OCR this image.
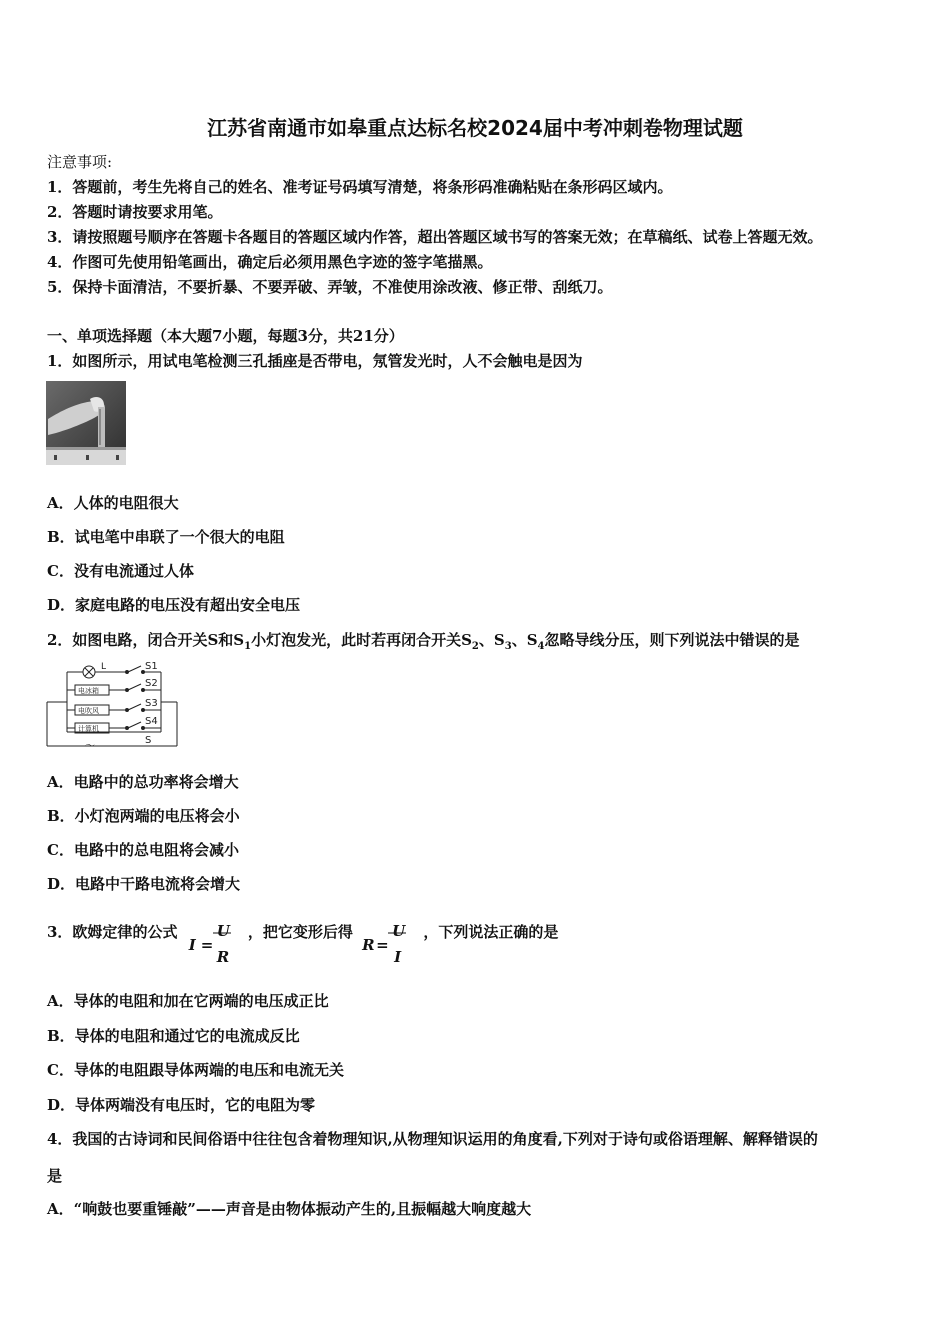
江苏省南通市如皋重点达标名校2024届中考冲刺卷物理试题
注意事项:
1．答题前，考生先将自己的姓名、准考证号码填写清楚，将条形码准确粘贴在条形码区域内。
2．答题时请按要求用笔。
3．请按照题号顺序在答题卡各题目的答题区域内作答，超出答题区域书写的答案无效；在草稿纸、试卷上答题无效。
4．作图可先使用铅笔画出，确定后必须用黑色字迹的签字笔描黑。
5．保持卡面清洁，不要折暴、不要弄破、弄皱，不准使用涂改液、修正带、刮纸刀。
一、单项选择题（本大题7小题，每题3分，共21分）
1．如图所示，用试电笔检测三孔插座是否带电，氖管发光时，人不会触电是因为
A．人体的电阻很大
B．试电笔中串联了一个很大的电阻
C．没有电流通过人体
D．家庭电路的电压没有超出安全电压
2．如图电路，闭合开关S和$S_1$小灯泡发光，此时若再闭合开关$S_2$、$S_3$、$S_4$忽略导线分压，则下列说法中错误的是
L	S1
电冰箱
S2
电吹风
S3
计算机
S4
～
S
A．电路中的总功率将会增大
B．小灯泡两端的电压将会小
C．电路中的总电阻将会减小
D．电路中干路电流将会增大
3．欧姆定律的公式
I =
U
R
，把它变形后得
R =
U
I
，下列说法正确的是
A．导体的电阻和加在它两端的电压成正比
B．导体的电阻和通过它的电流成反比
C．导体的电阻跟导体两端的电压和电流无关
D．导体两端没有电压时，它的电阻为零
4．我国的古诗词和民间俗语中往往包含着物理知识,从物理知识运用的角度看,下列对于诗句或俗语理解、解释错误的
是
A．“响鼓也要重锤敲”——声音是由物体振动产生的,且振幅越大响度越大
